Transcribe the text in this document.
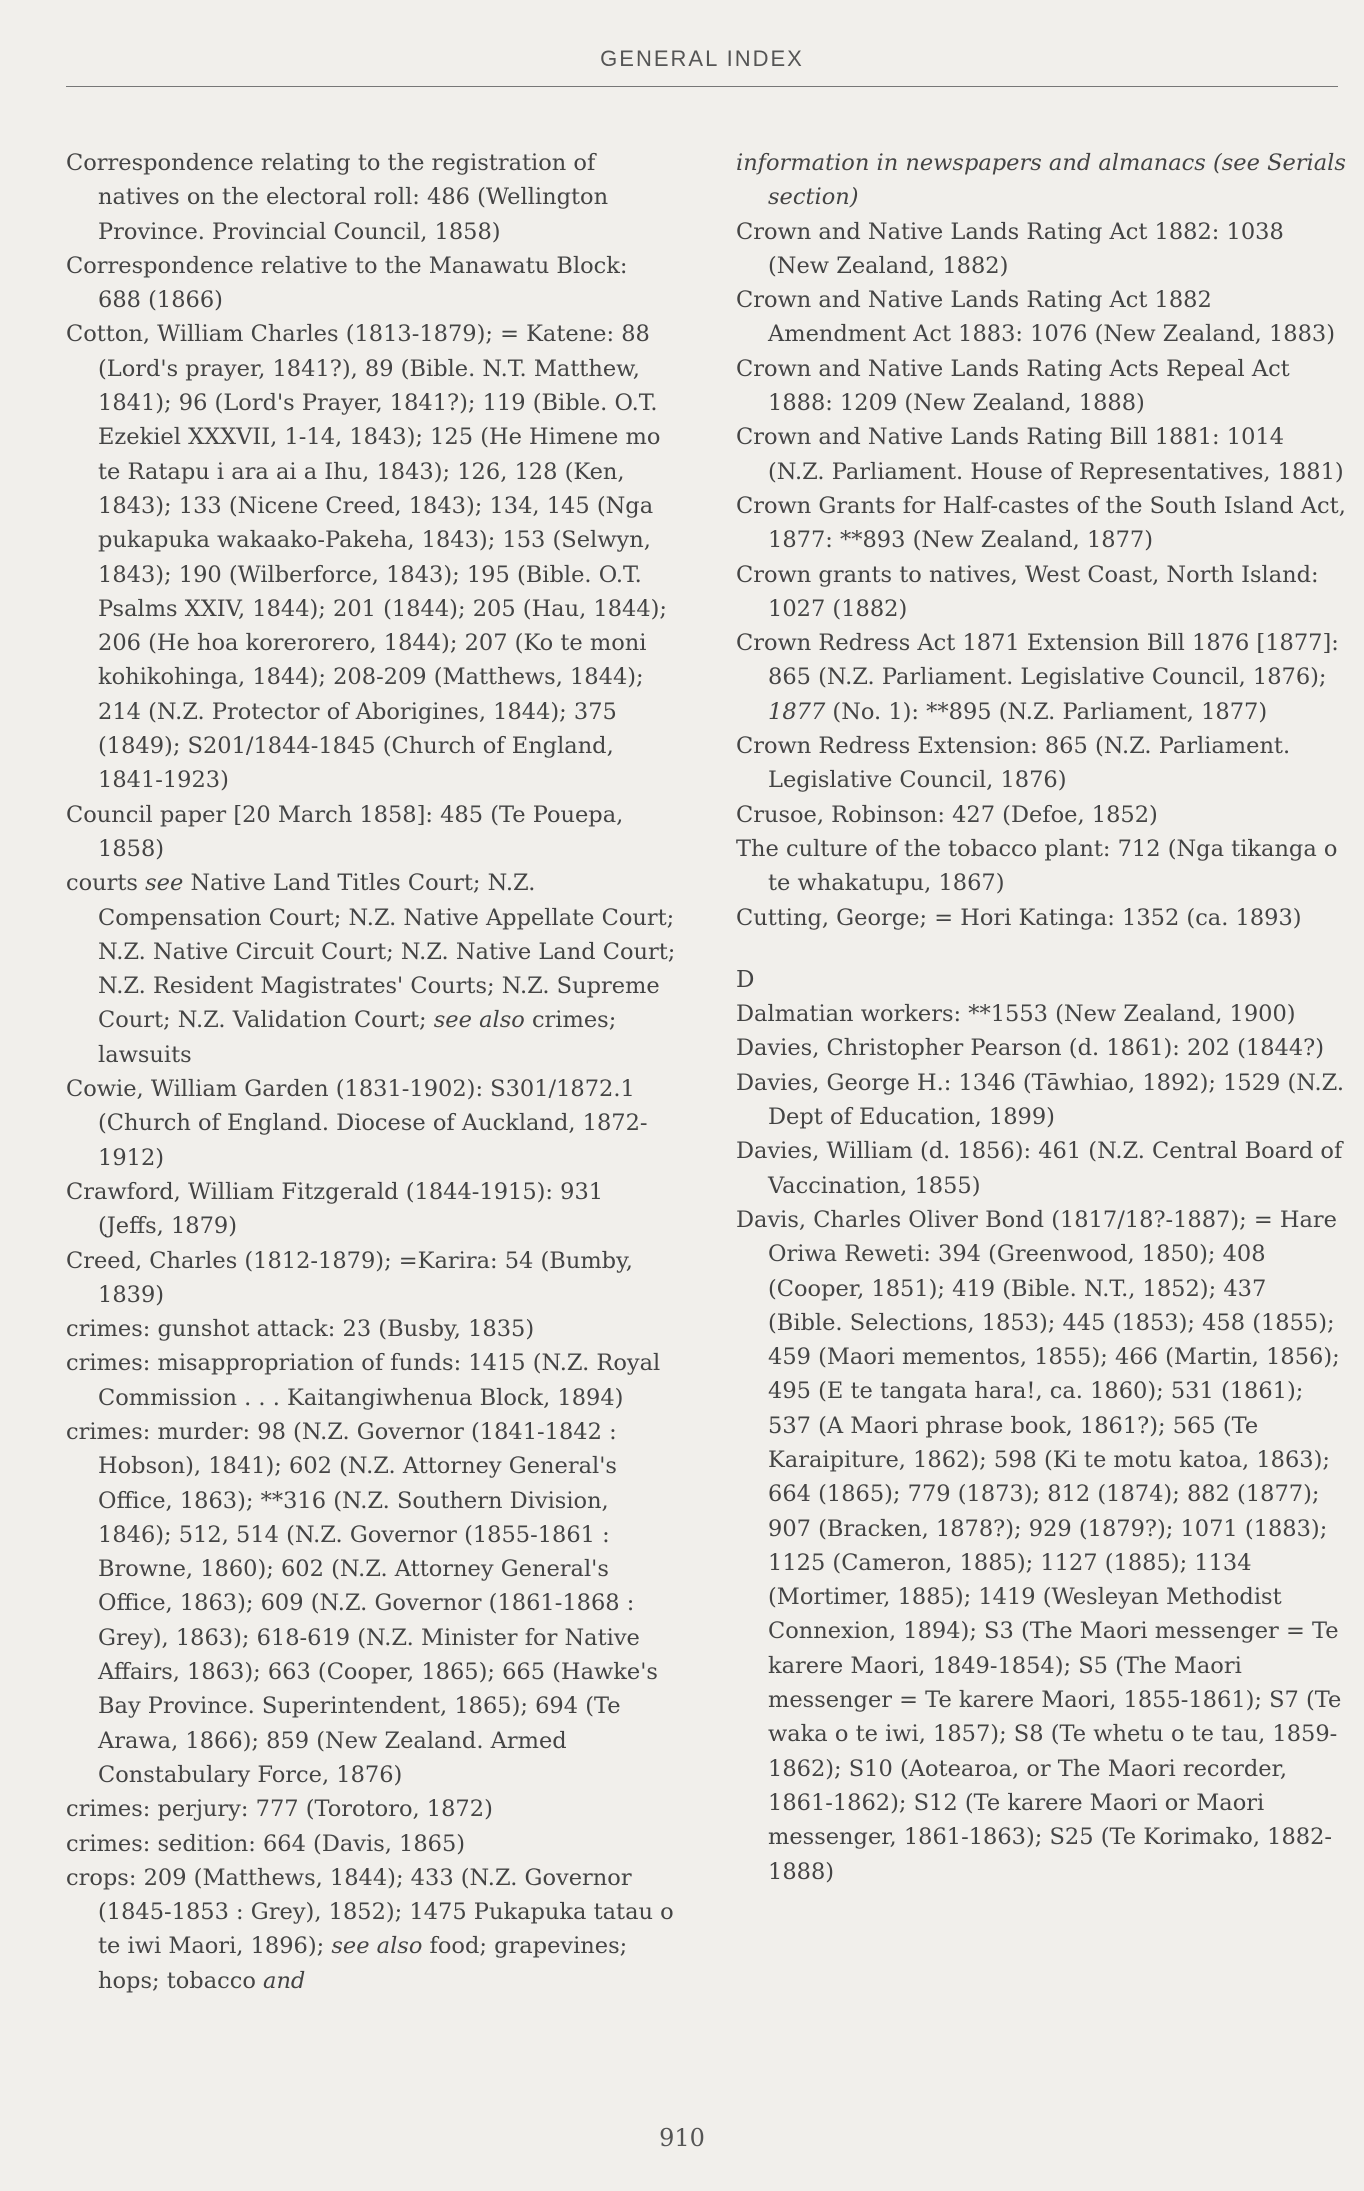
GENERAL INDEX
Correspondence relating to the registration of natives on the electoral roll: 486 (Wellington Province. Provincial Council, 1858)
Correspondence relative to the Manawatu Block: 688 (1866)
Cotton, William Charles (1813-1879); = Katene: 88 (Lord's prayer, 1841?), 89 (Bible. N.T. Matthew, 1841); 96 (Lord's Prayer, 1841?); 119 (Bible. O.T. Ezekiel XXXVII, 1-14, 1843); 125 (He Himene mo te Ratapu i ara ai a Ihu, 1843); 126, 128 (Ken, 1843); 133 (Nicene Creed, 1843); 134, 145 (Nga pukapuka wakaako-Pakeha, 1843); 153 (Selwyn, 1843); 190 (Wilberforce, 1843); 195 (Bible. O.T. Psalms XXIV, 1844); 201 (1844); 205 (Hau, 1844); 206 (He hoa korerorero, 1844); 207 (Ko te moni kohikohinga, 1844); 208-209 (Matthews, 1844); 214 (N.Z. Protector of Aborigines, 1844); 375 (1849); S201/1844-1845 (Church of England, 1841-1923)
Council paper [20 March 1858]: 485 (Te Pouepa, 1858)
courts see Native Land Titles Court; N.Z. Compensation Court; N.Z. Native Appellate Court; N.Z. Native Circuit Court; N.Z. Native Land Court; N.Z. Resident Magistrates' Courts; N.Z. Supreme Court; N.Z. Validation Court; see also crimes; lawsuits
Cowie, William Garden (1831-1902): S301/1872.1 (Church of England. Diocese of Auckland, 1872-1912)
Crawford, William Fitzgerald (1844-1915): 931 (Jeffs, 1879)
Creed, Charles (1812-1879); =Karira: 54 (Bumby, 1839)
crimes: gunshot attack: 23 (Busby, 1835)
crimes: misappropriation of funds: 1415 (N.Z. Royal Commission . . . Kaitangiwhenua Block, 1894)
crimes: murder: 98 (N.Z. Governor (1841-1842 : Hobson), 1841); 602 (N.Z. Attorney General's Office, 1863); **316 (N.Z. Southern Division, 1846); 512, 514 (N.Z. Governor (1855-1861 : Browne, 1860); 602 (N.Z. Attorney General's Office, 1863); 609 (N.Z. Governor (1861-1868 : Grey), 1863); 618-619 (N.Z. Minister for Native Affairs, 1863); 663 (Cooper, 1865); 665 (Hawke's Bay Province. Superintendent, 1865); 694 (Te Arawa, 1866); 859 (New Zealand. Armed Constabulary Force, 1876)
crimes: perjury: 777 (Torotoro, 1872)
crimes: sedition: 664 (Davis, 1865)
crops: 209 (Matthews, 1844); 433 (N.Z. Governor (1845-1853 : Grey), 1852); 1475 Pukapuka tatau o te iwi Maori, 1896); see also food; grapevines; hops; tobacco and
information in newspapers and almanacs (see Serials section)
Crown and Native Lands Rating Act 1882: 1038 (New Zealand, 1882)
Crown and Native Lands Rating Act 1882 Amendment Act 1883: 1076 (New Zealand, 1883)
Crown and Native Lands Rating Acts Repeal Act 1888: 1209 (New Zealand, 1888)
Crown and Native Lands Rating Bill 1881: 1014 (N.Z. Parliament. House of Representatives, 1881)
Crown Grants for Half-castes of the South Island Act, 1877: **893 (New Zealand, 1877)
Crown grants to natives, West Coast, North Island: 1027 (1882)
Crown Redress Act 1871 Extension Bill 1876 [1877]: 865 (N.Z. Parliament. Legislative Council, 1876); 1877 (No. 1): **895 (N.Z. Parliament, 1877)
Crown Redress Extension: 865 (N.Z. Parliament. Legislative Council, 1876)
Crusoe, Robinson: 427 (Defoe, 1852)
The culture of the tobacco plant: 712 (Nga tikanga o te whakatupu, 1867)
Cutting, George; = Hori Katinga: 1352 (ca. 1893)
D
Dalmatian workers: **1553 (New Zealand, 1900)
Davies, Christopher Pearson (d. 1861): 202 (1844?)
Davies, George H.: 1346 (Tāwhiao, 1892); 1529 (N.Z. Dept of Education, 1899)
Davies, William (d. 1856): 461 (N.Z. Central Board of Vaccination, 1855)
Davis, Charles Oliver Bond (1817/18?-1887); = Hare Oriwa Reweti: 394 (Greenwood, 1850); 408 (Cooper, 1851); 419 (Bible. N.T., 1852); 437 (Bible. Selections, 1853); 445 (1853); 458 (1855); 459 (Maori mementos, 1855); 466 (Martin, 1856); 495 (E te tangata hara!, ca. 1860); 531 (1861); 537 (A Maori phrase book, 1861?); 565 (Te Karaipiture, 1862); 598 (Ki te motu katoa, 1863); 664 (1865); 779 (1873); 812 (1874); 882 (1877); 907 (Bracken, 1878?); 929 (1879?); 1071 (1883); 1125 (Cameron, 1885); 1127 (1885); 1134 (Mortimer, 1885); 1419 (Wesleyan Methodist Connexion, 1894); S3 (The Maori messenger = Te karere Maori, 1849-1854); S5 (The Maori messenger = Te karere Maori, 1855-1861); S7 (Te waka o te iwi, 1857); S8 (Te whetu o te tau, 1859-1862); S10 (Aotearoa, or The Maori recorder, 1861-1862); S12 (Te karere Maori or Maori messenger, 1861-1863); S25 (Te Korimako, 1882-1888)
910
